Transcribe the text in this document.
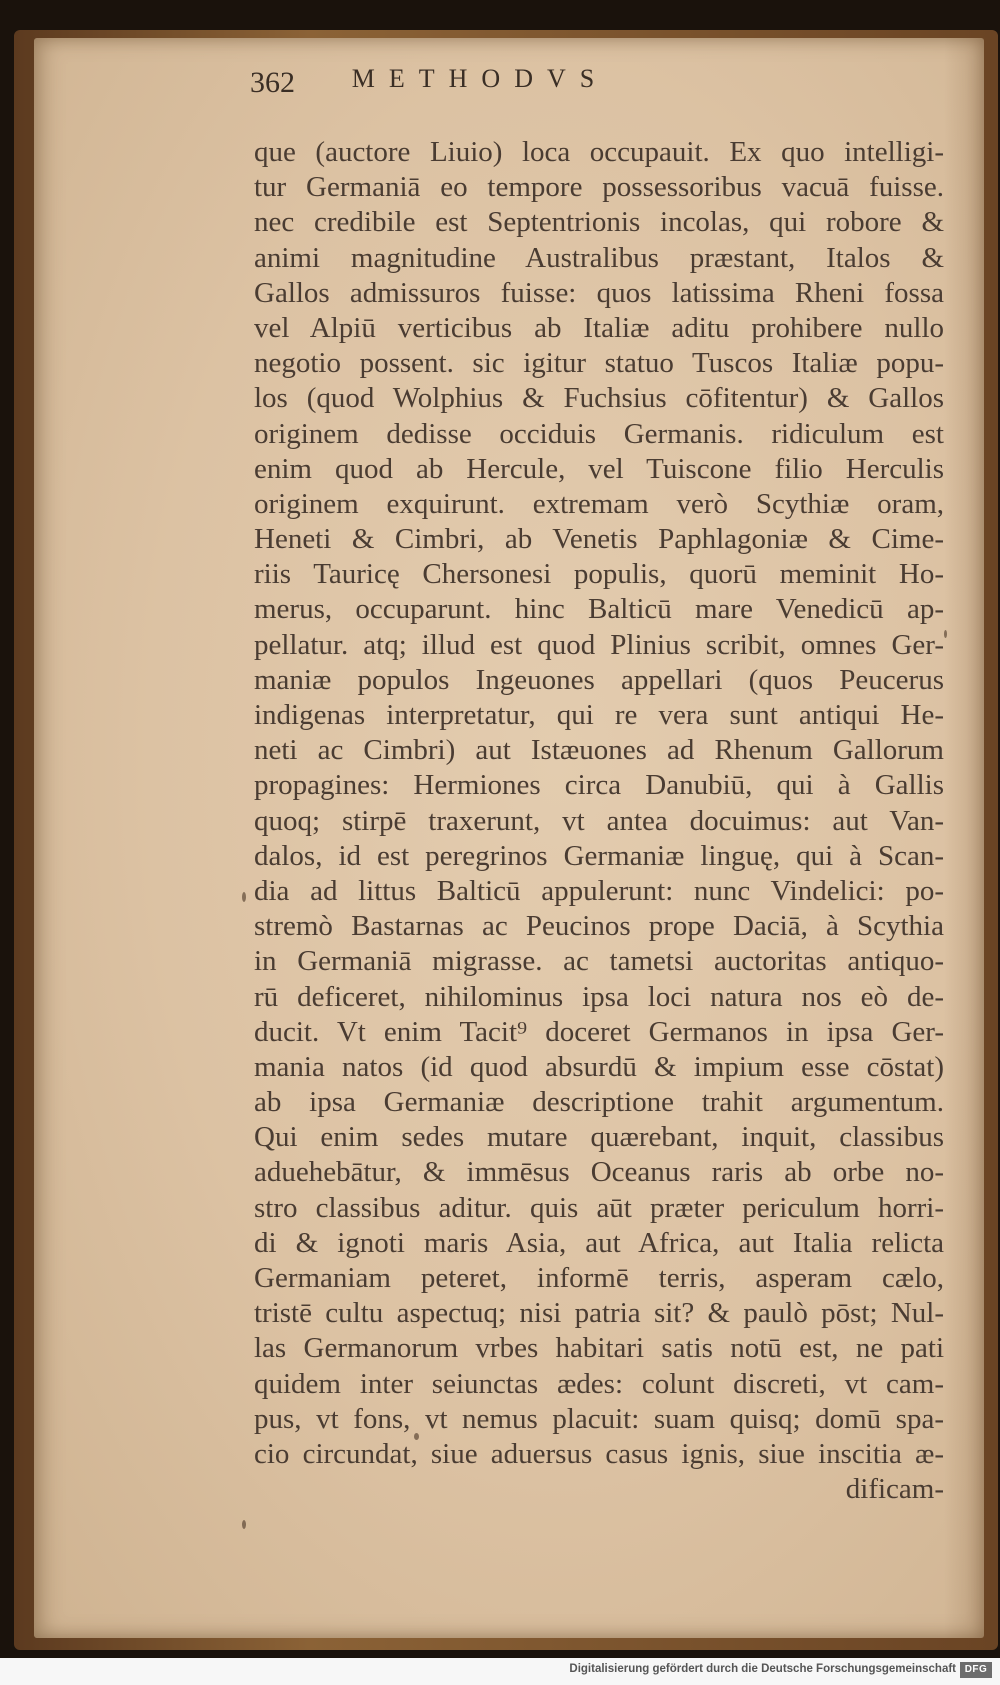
362 METHODVS
que (auctore Liuio) loca occupauit. Ex quo intelligi-
tur Germaniā eo tempore possessoribus vacuā fuisse.
nec credibile est Septentrionis incolas, qui robore &
animi magnitudine Australibus præstant, Italos &
Gallos admissuros fuisse: quos latissima Rheni fossa
vel Alpiū verticibus ab Italiæ aditu prohibere nullo
negotio possent. sic igitur statuo Tuscos Italiæ popu-
los (quod Wolphius & Fuchsius cōfitentur) & Gallos
originem dedisse occiduis Germanis. ridiculum est
enim quod ab Hercule, vel Tuiscone filio Herculis
originem exquirunt. extremam verò Scythiæ oram,
Heneti & Cimbri, ab Venetis Paphlagoniæ & Cime-
riis Tauricę Chersonesi populis, quorū meminit Ho-
merus, occuparunt. hinc Balticū mare Venedicū ap-
pellatur. atq; illud est quod Plinius scribit, omnes Ger-
maniæ populos Ingeuones appellari (quos Peucerus
indigenas interpretatur, qui re vera sunt antiqui He-
neti ac Cimbri) aut Istæuones ad Rhenum Gallorum
propagines: Hermiones circa Danubiū, qui à Gallis
quoq; stirpē traxerunt, vt antea docuimus: aut Van-
dalos, id est peregrinos Germaniæ linguę, qui à Scan-
dia ad littus Balticū appulerunt: nunc Vindelici: po-
stremò Bastarnas ac Peucinos prope Daciā, à Scythia
in Germaniā migrasse. ac tametsi auctoritas antiquo-
rū deficeret, nihilominus ipsa loci natura nos eò de-
ducit. Vt enim Tacit⁹ doceret Germanos in ipsa Ger-
mania natos (id quod absurdū & impium esse cōstat)
ab ipsa Germaniæ descriptione trahit argumentum.
Qui enim sedes mutare quærebant, inquit, classibus
aduehebātur, & immēsus Oceanus raris ab orbe no-
stro classibus aditur. quis aūt præter periculum horri-
di & ignoti maris Asia, aut Africa, aut Italia relicta
Germaniam peteret, informē terris, asperam cælo,
tristē cultu aspectuq; nisi patria sit? & paulò pōst; Nul-
las Germanorum vrbes habitari satis notū est, ne pati
quidem inter seiunctas ædes: colunt discreti, vt cam-
pus, vt fons, vt nemus placuit: suam quisq; domū spa-
cio circundat, siue aduersus casus ignis, siue inscitia æ-
dificam-
Digitalisierung gefördert durch die Deutsche Forschungsgemeinschaft DFG
